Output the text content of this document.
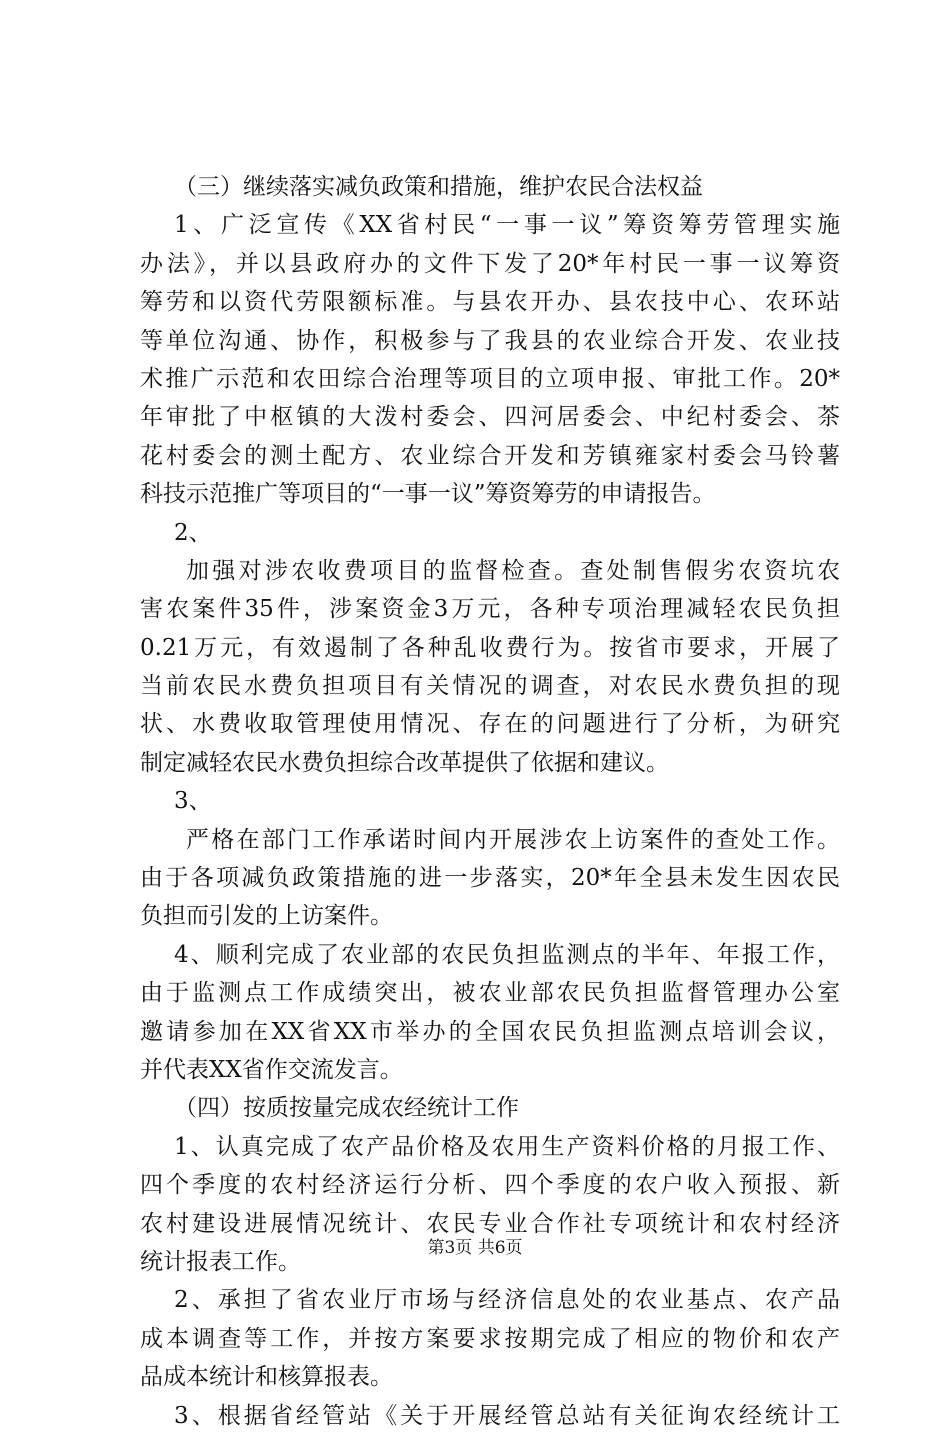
（三）继续落实减负政策和措施，维护农民合法权益
1、广泛宣传《XX省村民“一事一议”筹资筹劳管理实施
办法》，并以县政府办的文件下发了20*年村民一事一议筹资
筹劳和以资代劳限额标准。与县农开办、县农技中心、农环站
等单位沟通、协作，积极参与了我县的农业综合开发、农业技
术推广示范和农田综合治理等项目的立项申报、审批工作。20*
年审批了中枢镇的大泼村委会、四河居委会、中纪村委会、茶
花村委会的测土配方、农业综合开发和芳镇雍家村委会马铃薯
科技示范推广等项目的“一事一议”筹资筹劳的申请报告。
2、
加强对涉农收费项目的监督检查。查处制售假劣农资坑农
害农案件35件，涉案资金3万元，各种专项治理减轻农民负担
0.21万元，有效遏制了各种乱收费行为。按省市要求，开展了
当前农民水费负担项目有关情况的调查，对农民水费负担的现
状、水费收取管理使用情况、存在的问题进行了分析，为研究
制定减轻农民水费负担综合改革提供了依据和建议。
3、
严格在部门工作承诺时间内开展涉农上访案件的查处工作。
由于各项减负政策措施的进一步落实，20*年全县未发生因农民
负担而引发的上访案件。
4、顺利完成了农业部的农民负担监测点的半年、年报工作，
由于监测点工作成绩突出，被农业部农民负担监督管理办公室
邀请参加在XX省XX市举办的全国农民负担监测点培训会议，
并代表XX省作交流发言。
（四）按质按量完成农经统计工作
1、认真完成了农产品价格及农用生产资料价格的月报工作、
四个季度的农村经济运行分析、四个季度的农户收入预报、新
农村建设进展情况统计、农民专业合作社专项统计和农村经济
统计报表工作。
2、承担了省农业厅市场与经济信息处的农业基点、农产品
成本调查等工作，并按方案要求按期完成了相应的物价和农产
品成本统计和核算报表。
3、根据省经管站《关于开展经管总站有关征询农经统计工
第3页 共6页
